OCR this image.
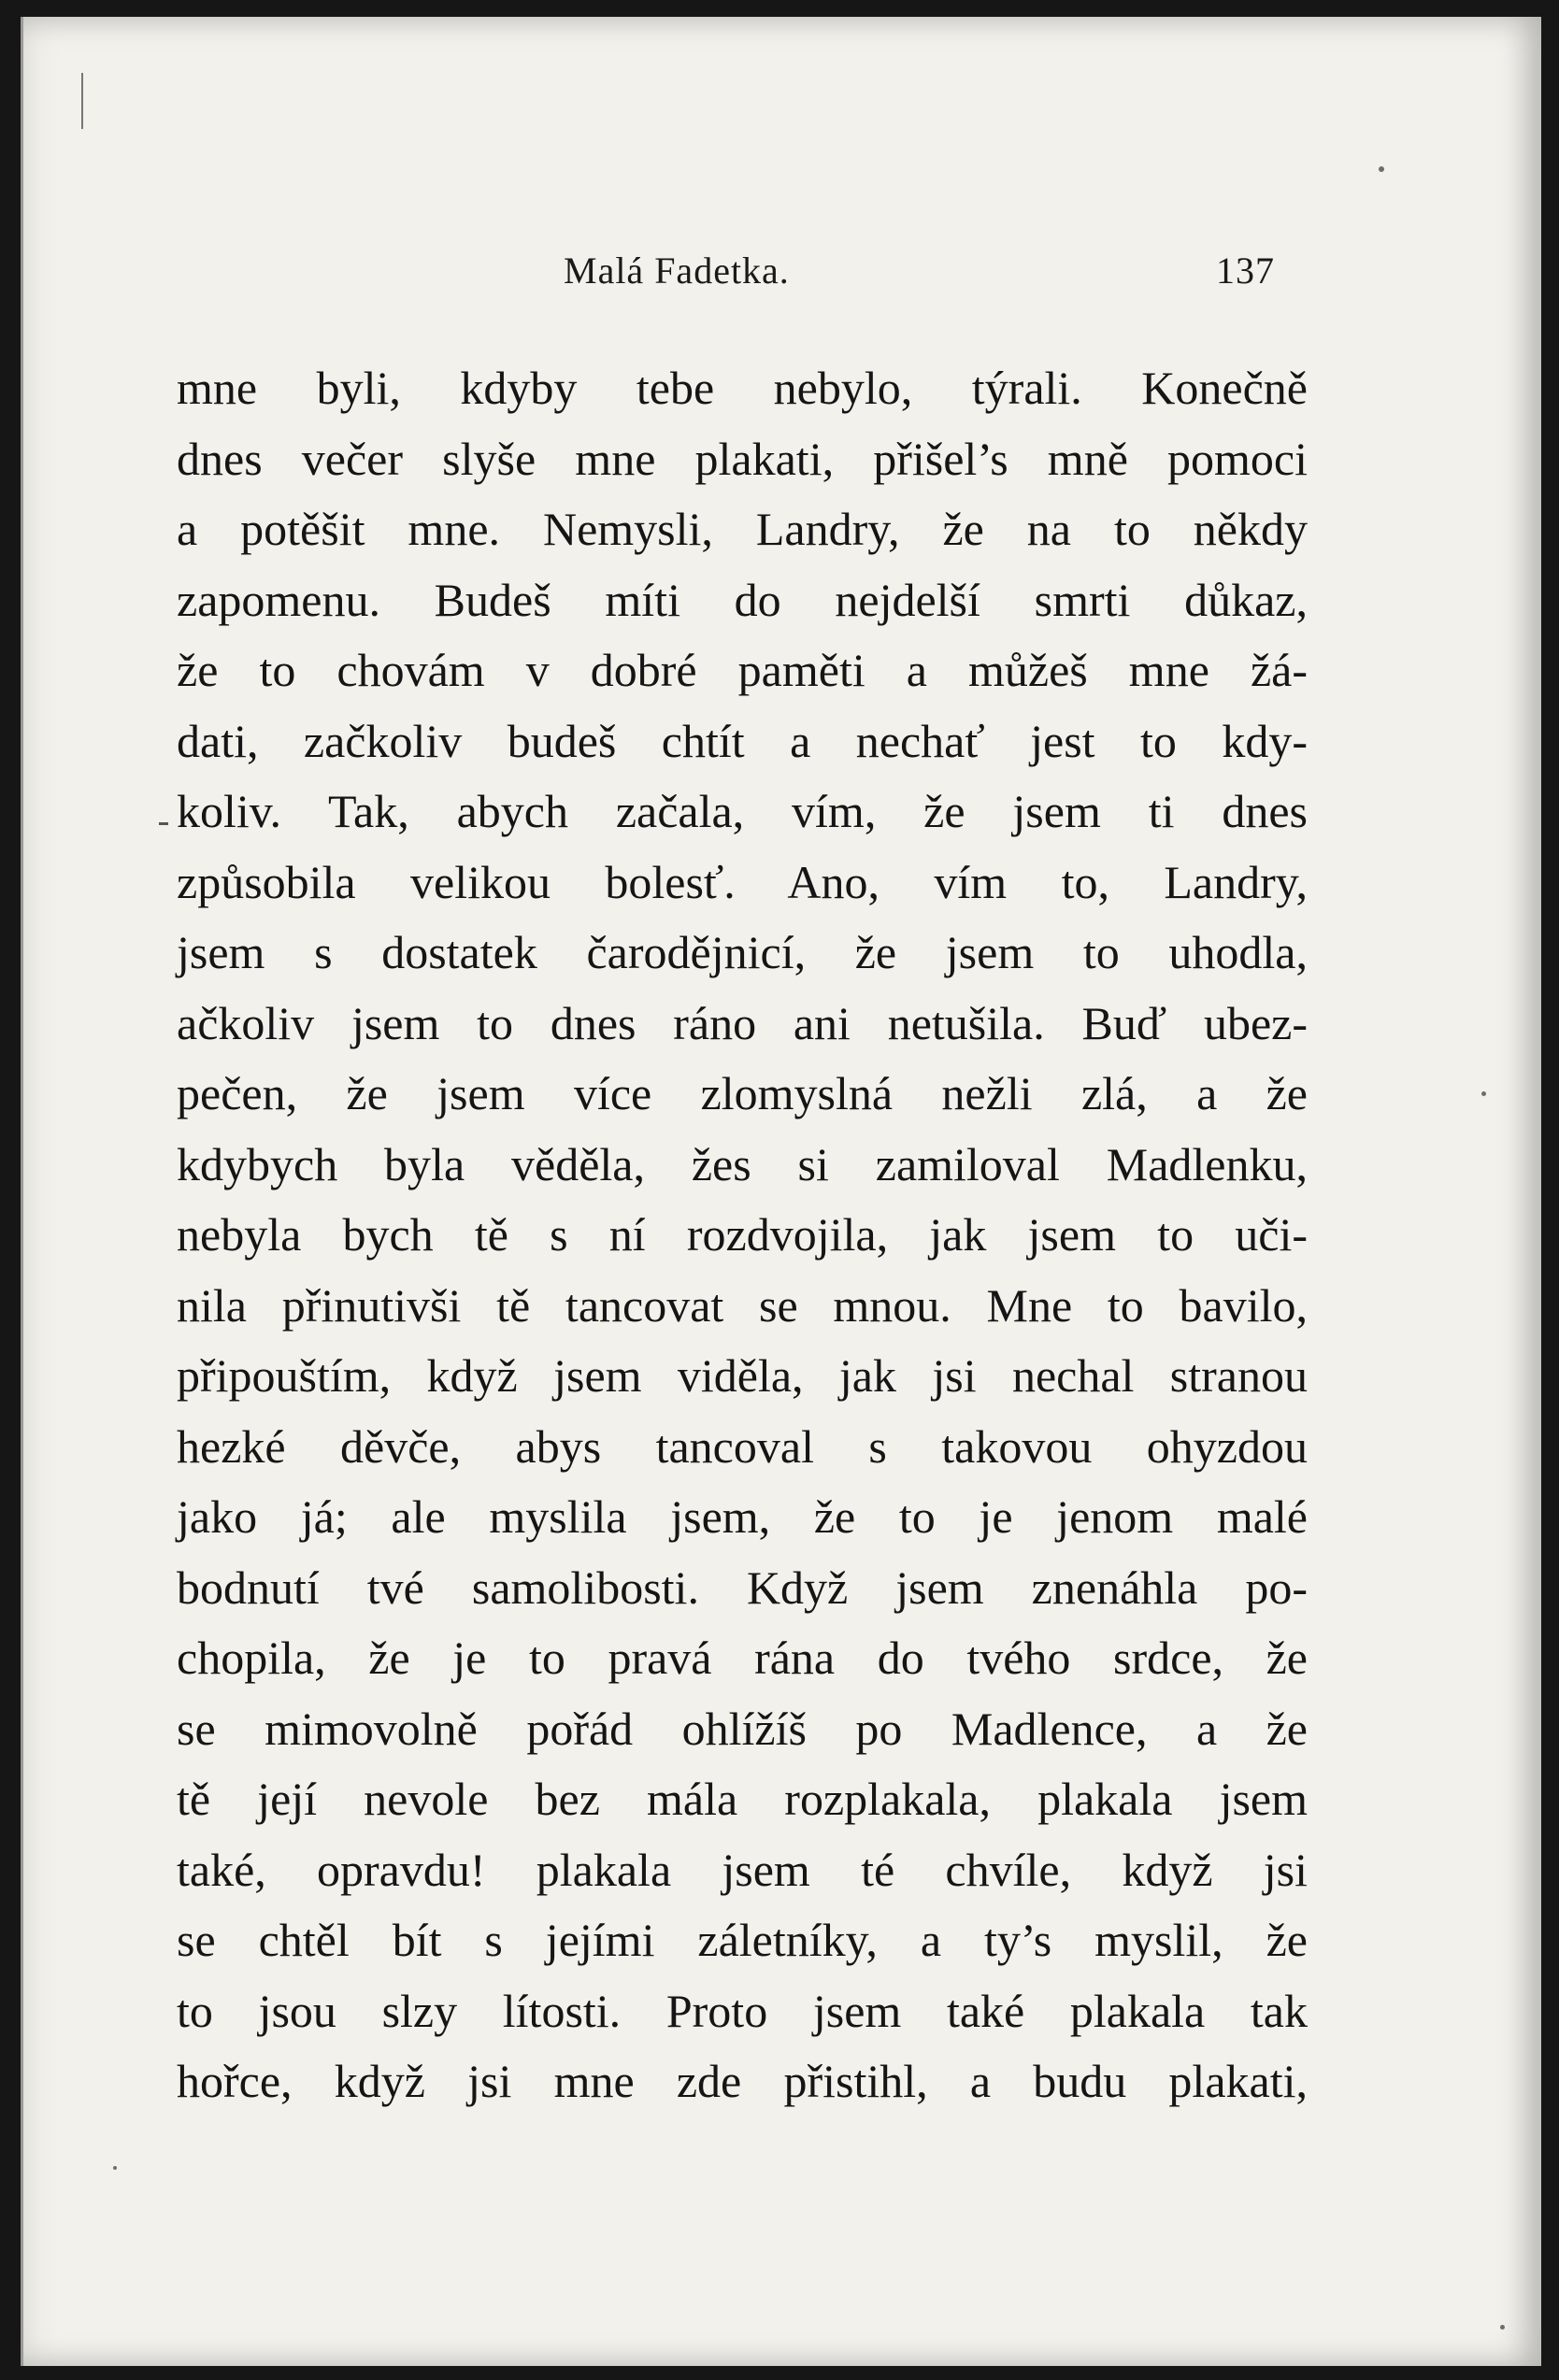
Malá Fadetka.	137
mne byli, kdyby tebe nebylo, týrali. Konečně
dnes večer slyše mne plakati, přišel’s mně pomoci
a potěšit mne. Nemysli, Landry, že na to někdy
zapomenu. Budeš míti do nejdelší smrti důkaz,
že to chovám v dobré paměti a můžeš mne žá-
dati, začkoliv budeš chtít a nechať jest to kdy-
koliv. Tak, abych začala, vím, že jsem ti dnes
způsobila velikou bolesť. Ano, vím to, Landry,
jsem s dostatek čarodějnicí, že jsem to uhodla,
ačkoliv jsem to dnes ráno ani netušila. Buď ubez-
pečen, že jsem více zlomyslná nežli zlá, a že
kdybych byla věděla, žes si zamiloval Madlenku,
nebyla bych tě s ní rozdvojila, jak jsem to uči-
nila přinutivši tě tancovat se mnou. Mne to bavilo,
připouštím, když jsem viděla, jak jsi nechal stranou
hezké děvče, abys tancoval s takovou ohyzdou
jako já; ale myslila jsem, že to je jenom malé
bodnutí tvé samolibosti. Když jsem znenáhla po-
chopila, že je to pravá rána do tvého srdce, že
se mimovolně pořád ohlížíš po Madlence, a že
tě její nevole bez mála rozplakala, plakala jsem
také, opravdu! plakala jsem té chvíle, když jsi
se chtěl bít s jejími záletníky, a ty’s myslil, že
to jsou slzy lítosti. Proto jsem také plakala tak
hořce, když jsi mne zde přistihl, a budu plakati,
